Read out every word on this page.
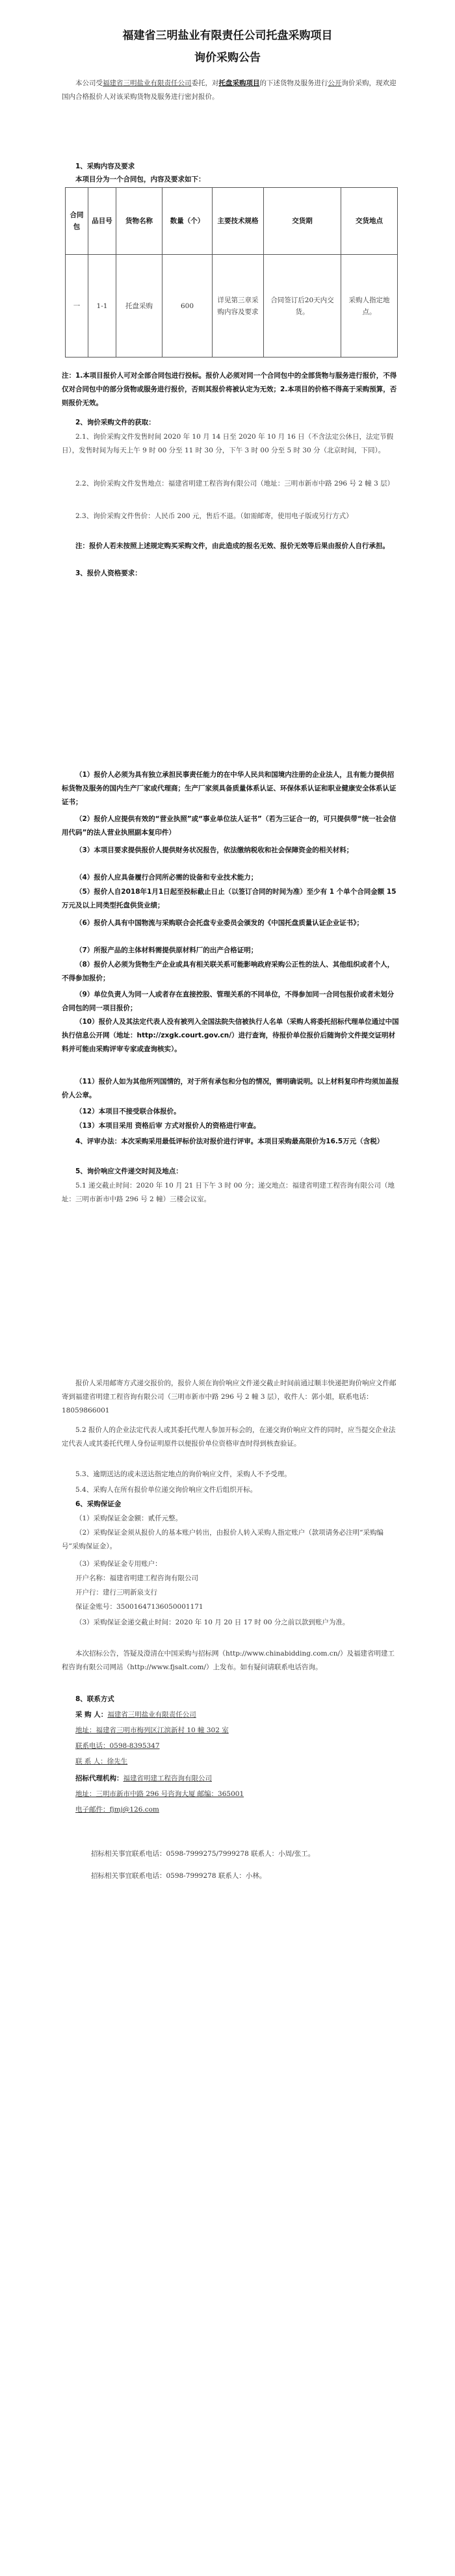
福建省三明盐业有限责任公司托盘采购项目
询价采购公告
本公司受福建省三明盐业有限责任公司委托，对托盘采购项目的下述货物及服务进行公开询价采购，现欢迎国内合格报价人对该采购货物及服务进行密封报价。
1、采购内容及要求
本项目分为一个合同包，内容及要求如下：
合同包	品目号	货物名称	数量（个）	主要技术规格	交货期	交货地点
一	1-1	托盘采购	600	详见第三章采购内容及要求	合同签订后20天内交货。	采购人指定地点。
注：1.本项目报价人可对全部合同包进行投标。报价人必须对同一个合同包中的全部货物与服务进行报价，不得仅对合同包中的部分货物或服务进行报价，否则其报价将被认定为无效；2.本项目的价格不得高于采购预算，否则报价无效。
2、询价采购文件的获取：
2.1、询价采购文件发售时间 2020 年 10 月 14 日至 2020 年 10 月 16 日（不含法定公休日，法定节假日），发售时间为每天上午 9 时 00 分至 11 时 30 分，下午 3 时 00 分至 5 时 30 分（北京时间，下同）。
2.2、询价采购文件发售地点：福建省明建工程咨询有限公司（地址：三明市新市中路 296 号 2 幢 3 层）
2.3、询价采购文件售价：人民币 200 元，售后不退。（如需邮寄，使用电子版或另行方式）
注：报价人若未按照上述规定购买采购文件，由此造成的报名无效、报价无效等后果由报价人自行承担。
3、报价人资格要求：
（1）报价人必须为具有独立承担民事责任能力的在中华人民共和国境内注册的企业法人，且有能力提供招标货物及服务的国内生产厂家或代理商；生产厂家须具备质量体系认证、环保体系认证和职业健康安全体系认证证书；
（2）报价人应提供有效的“营业执照”或“事业单位法人证书”（若为三证合一的，可只提供带“统一社会信用代码”的法人营业执照副本复印件）
（3）本项目要求提供报价人提供财务状况报告，依法缴纳税收和社会保障资金的相关材料；
（4）报价人应具备履行合同所必需的设备和专业技术能力；
（5）报价人自2018年1月1日起至投标截止日止（以签订合同的时间为准）至少有 1 个单个合同金额 15 万元及以上同类型托盘供货业绩；
（6）报价人具有中国物流与采购联合会托盘专业委员会颁发的《中国托盘质量认证企业证书》；
（7）所报产品的主体材料需提供原材料厂的出产合格证明；
（8）报价人必须为货物生产企业或具有相关联关系可能影响政府采购公正性的法人、其他组织或者个人，不得参加报价；
（9）单位负责人为同一人或者存在直接控股、管理关系的不同单位，不得参加同一合同包报价或者未划分合同包的同一项目报价；
（10）报价人及其法定代表人没有被列入全国法院失信被执行人名单（采购人将委托招标代理单位通过中国执行信息公开网（地址：http://zxgk.court.gov.cn/）进行查询，待报价单位报价后随询价文件提交证明材料并可能由采购评审专家或查询核实）。
（11）报价人如为其他所列国情的，对于所有承包和分包的情况，需明确说明。以上材料复印件均须加盖报价人公章。
（12）本项目不接受联合体报价。
（13）本项目采用 资格后审 方式对报价人的资格进行审查。
4、评审办法：本次采购采用最低评标价法对报价进行评审。本项目采购最高限价为16.5万元（含税）
5、询价响应文件递交时间及地点：
5.1 递交截止时间：2020 年 10 月 21 日下午 3 时 00 分；递交地点：福建省明建工程咨询有限公司（地址：三明市新市中路 296 号 2 幢）三楼会议室。
报价人采用邮寄方式递交报价的，报价人须在询价响应文件递交截止时间前通过顺丰快递把询价响应文件邮寄到福建省明建工程咨询有限公司（三明市新市中路 296 号 2 幢 3 层），收件人：郭小姐，联系电话：18059866001
5.2 报价人的企业法定代表人或其委托代理人参加开标会的，在递交询价响应文件的同时，应当提交企业法定代表人或其委托代理人身份证明原件以便报价单位资格审查时得到核查验证。
5.3、逾期送达的或未送达指定地点的询价响应文件，采购人不予受理。
5.4、采购人在所有报价单位递交询价响应文件后组织开标。
6、采购保证金
（1）采购保证金金额：贰仟元整。
（2）采购保证金须从报价人的基本账户转出，由报价人转入采购人指定账户（款项请务必注明“采购编号”采购保证金）。
（3）采购保证金专用账户：
开户名称：福建省明建工程咨询有限公司
开户行：建行三明新泉支行
保证金账号：35001647136050001171
（3）采购保证金递交截止时间：2020 年 10 月 20 日 17 时 00 分之前以款到账户为准。
本次招标公告，答疑及澄清在中国采购与招标网（http://www.chinabidding.com.cn/）及福建省明建工程咨询有限公司网站（http://www.fjsalt.com/）上发布。如有疑问请联系电话咨询。
8、联系方式
采 购 人：福建省三明盐业有限责任公司
地址：福建省三明市梅列区江滨新村 10 幢 302 室
联系电话：0598-8395347
联 系 人：徐先生
招标代理机构：福建省明建工程咨询有限公司
地址：三明市新市中路 296 号咨询大厦 邮编：365001
电子邮件：fjmj@126.com
招标相关事宜联系电话：0598-7999275/7999278 联系人：小周/张工。
招标相关事宜联系电话：0598-7999278 联系人：小林。
